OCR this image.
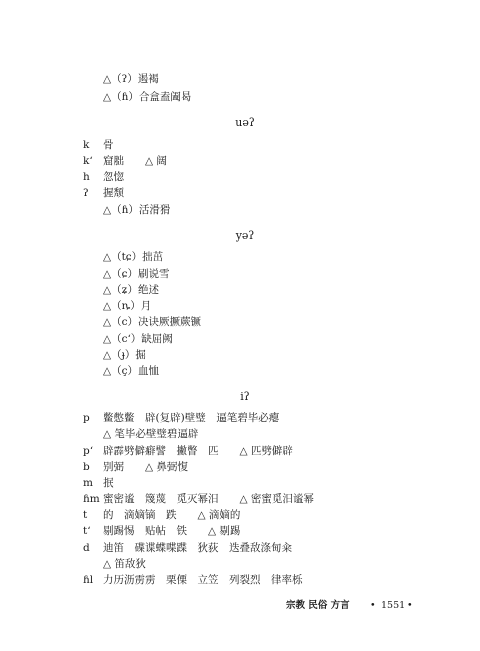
△（ʔ）遏褐
△（ɦ）合盒盍阖曷
uəʔ
k 骨
k‘ 窟胐　　△ 阔
h 忽惚
ʔ 握颓
△（ɦ）活滑猾
yəʔ
△（tɕ）拙茁
△（ɕ）刷说雪
△（ʑ）绝述
△（ȵ）月
△（c）决诀厥撅蕨镢
△（c‘）缺屈阙
△（ɟ）掘
△（ç）血恤
iʔ
p 鳖憋鳖　辟(复辟)壁璧　逼笔碧毕必瘪
△ 笔毕必壁璧碧逼辟
p‘ 辟霹劈僻癖譬　撇瞥　匹　　△ 匹劈僻辟
b 别弼　　△ 鼻弼愎
m 抿
ɦm 蜜密谧　篾蔑　觅灭幂汨　　△ 密蜜觅汨谧幂
t 的　滴嫡镝　跌　　△ 滴嫡的
t‘ 剔踢惕　贴帖　铁　　△ 剔踢
d 迪笛　碟谍蝶喋蹀　狄荻　迭叠敌涤甸籴
△ 笛敌狄
ɦl 力历沥雳雳　栗傈　立笠　列裂烈　律率栎
宗教 民俗 方言 • 1551 •
